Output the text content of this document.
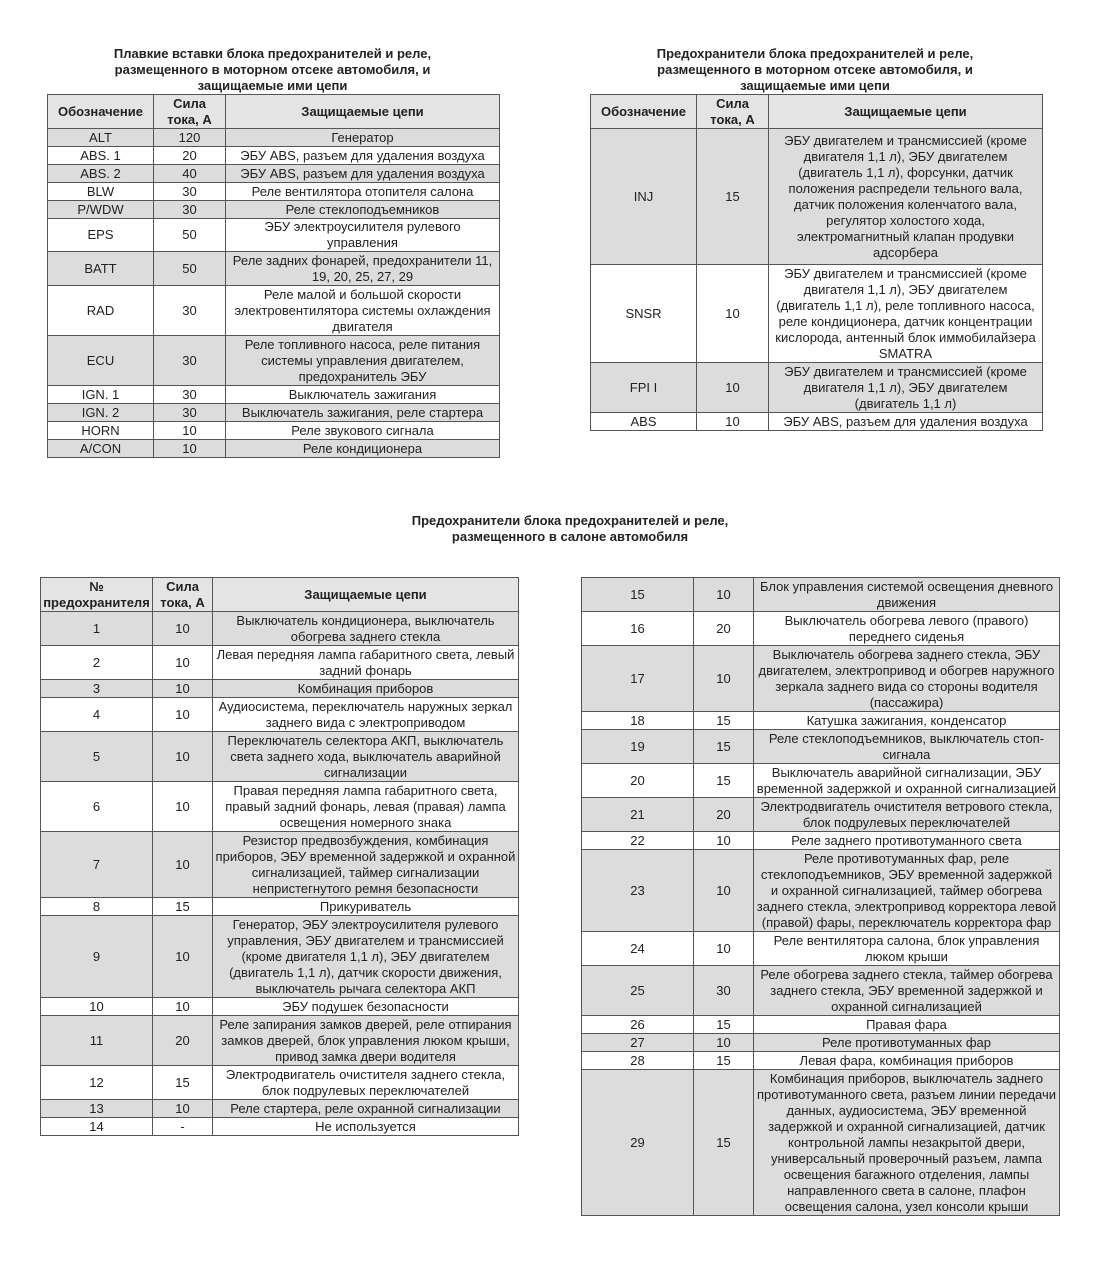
Плавкие вставки блока предохранителей и реле, размещенного в моторном отсеке автомобиля, и защищаемые ими цепи
Обозначение	Сила тока, А	Защищаемые цепи
ALT	120	Генератор
ABS. 1	20	ЭБУ ABS, разъем для удаления воздуха
ABS. 2	40	ЭБУ ABS, разъем для удаления воздуха
BLW	30	Реле вентилятора отопителя салона
P/WDW	30	Реле стеклоподъемников
EPS	50	ЭБУ электроусилителя рулевого управления
BATT	50	Реле задних фонарей, предохранители 11, 19, 20, 25, 27, 29
RAD	30	Реле малой и большой скорости электровентилятора системы охлаждения двигателя
ECU	30	Реле топливного насоса, реле питания системы управления двигателем, предохранитель ЭБУ
IGN. 1	30	Выключатель зажигания
IGN. 2	30	Выключатель зажигания, реле стартера
HORN	10	Реле звукового сигнала
A/CON	10	Реле кондиционера
Предохранители блока предохранителей и реле, размещенного в моторном отсеке автомобиля, и защищаемые ими цепи
Обозначение	Сила тока, А	Защищаемые цепи
INJ	15	ЭБУ двигателем и трансмиссией (кроме двигателя 1,1 л), ЭБУ двигателем (двигатель 1,1 л), форсунки, датчик положения распредели тельного вала, датчик положения коленчатого вала, регулятор холостого хода, электромагнитный клапан продувки адсорбера
SNSR	10	ЭБУ двигателем и трансмиссией (кроме двигателя 1,1 л), ЭБУ двигателем (двигатель 1,1 л), реле топливного насоса, реле кондиционера, датчик концентрации кислорода, антенный блок иммобилайзера SMATRA
FPI I	10	ЭБУ двигателем и трансмиссией (кроме двигателя 1,1 л), ЭБУ двигателем (двигатель 1,1 л)
ABS	10	ЭБУ ABS, разъем для удаления воздуха
Предохранители блока предохранителей и реле, размещенного в салоне автомобиля
№ предохранителя	Сила тока, А	Защищаемые цепи
1	10	Выключатель кондиционера, выключатель обогрева заднего стекла
2	10	Левая передняя лампа габаритного света, левый задний фонарь
3	10	Комбинация приборов
4	10	Аудиосистема, переключатель наружных зеркал заднего вида с электроприводом
5	10	Переключатель селектора АКП, выключатель света заднего хода, выключатель аварийной сигнализации
6	10	Правая передняя лампа габаритного света, правый задний фонарь, левая (правая) лампа освещения номерного знака
7	10	Резистор предвозбуждения, комбинация приборов, ЭБУ временной задержкой и охранной сигнализацией, таймер сигнализации непристегнутого ремня безопасности
8	15	Прикуриватель
9	10	Генератор, ЭБУ электроусилителя рулевого управления, ЭБУ двигателем и трансмиссией (кроме двигателя 1,1 л), ЭБУ двигателем (двигатель 1,1 л), датчик скорости движения, выключатель рычага селектора АКП
10	10	ЭБУ подушек безопасности
11	20	Реле запирания замков дверей, реле отпирания замков дверей, блок управления люком крыши, привод замка двери водителя
12	15	Электродвигатель очистителя заднего стекла, блок подрулевых переключателей
13	10	Реле стартера, реле охранной сигнализации
14	-	Не используется
15	10	Блок управления системой освещения дневного движения
16	20	Выключатель обогрева левого (правого) переднего сиденья
17	10	Выключатель обогрева заднего стекла, ЭБУ двигателем, электропривод и обогрев наружного зеркала заднего вида со стороны водителя (пассажира)
18	15	Катушка зажигания, конденсатор
19	15	Реле стеклоподъемников, выключатель стоп-сигнала
20	15	Выключатель аварийной сигнализации, ЭБУ временной задержкой и охранной сигнализацией
21	20	Электродвигатель очистителя ветрового стекла, блок подрулевых переключателей
22	10	Реле заднего противотуманного света
23	10	Реле противотуманных фар, реле стеклоподъемников, ЭБУ временной задержкой и охранной сигнализацией, таймер обогрева заднего стекла, электропривод корректора левой (правой) фары, переключатель корректора фар
24	10	Реле вентилятора салона, блок управления люком крыши
25	30	Реле обогрева заднего стекла, таймер обогрева заднего стекла, ЭБУ временной задержкой и охранной сигнализацией
26	15	Правая фара
27	10	Реле противотуманных фар
28	15	Левая фара, комбинация приборов
29	15	Комбинация приборов, выключатель заднего противотуманного света, разъем линии передачи данных, аудиосистема, ЭБУ временной задержкой и охранной сигнализацией, датчик контрольной лампы незакрытой двери, универсальный проверочный разъем, лампа освещения багажного отделения, лампы направленного света в салоне, плафон освещения салона, узел консоли крыши
